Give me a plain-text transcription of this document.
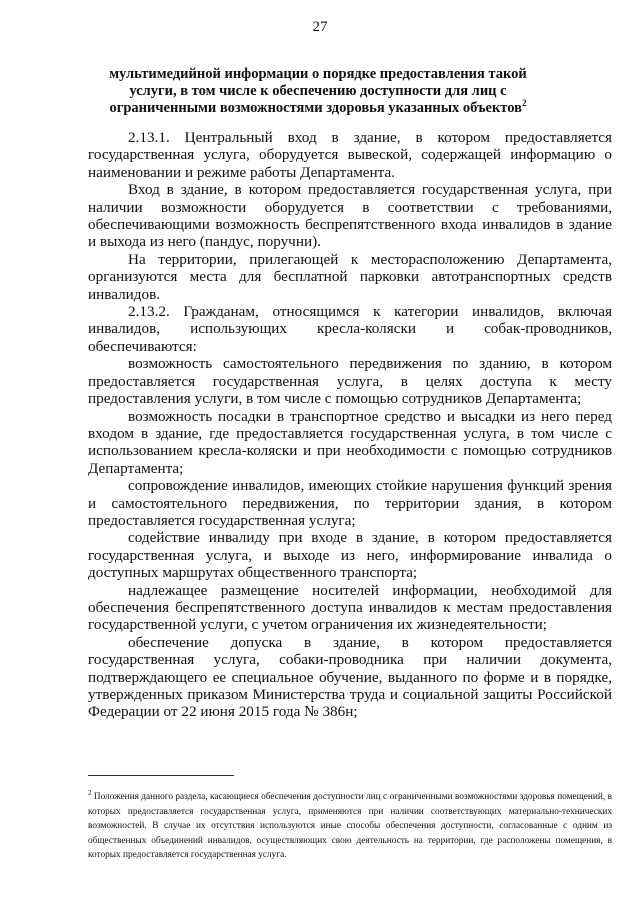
27
мультимедийной информации о порядке предоставления такой услуги, в том числе к обеспечению доступности для лиц с ограниченными возможностями здоровья указанных объектов$^2$

2.13.1. Центральный вход в здание, в котором предоставляется государственная услуга, оборудуется вывеской, содержащей информацию о наименовании и режиме работы Департамента.

Вход в здание, в котором предоставляется государственная услуга, при наличии возможности оборудуется в соответствии с требованиями, обеспечивающими возможность беспрепятственного входа инвалидов в здание и выхода из него (пандус, поручни).

На территории, прилегающей к месторасположению Департамента, организуются места для бесплатной парковки автотранспортных средств инвалидов.

2.13.2. Гражданам, относящимся к категории инвалидов, включая инвалидов, использующих кресла-коляски и собак-проводников, обеспечиваются:

возможность самостоятельного передвижения по зданию, в котором предоставляется государственная услуга, в целях доступа к месту предоставления услуги, в том числе с помощью сотрудников Департамента;

возможность посадки в транспортное средство и высадки из него перед входом в здание, где предоставляется государственная услуга, в том числе с использованием кресла-коляски и при необходимости с помощью сотрудников Департамента;

сопровождение инвалидов, имеющих стойкие нарушения функций зрения и самостоятельного передвижения, по территории здания, в котором предоставляется государственная услуга;

содействие инвалиду при входе в здание, в котором предоставляется государственная услуга, и выходе из него, информирование инвалида о доступных маршрутах общественного транспорта;

надлежащее размещение носителей информации, необходимой для обеспечения беспрепятственного доступа инвалидов к местам предоставления государственной услуги, с учетом ограничения их жизнедеятельности;

обеспечение допуска в здание, в котором предоставляется государственная услуга, собаки-проводника при наличии документа, подтверждающего ее специальное обучение, выданного по форме и в порядке, утвержденных приказом Министерства труда и социальной защиты Российской Федерации от 22 июня 2015 года № 386н;

$^2$ Положения данного раздела, касающиеся обеспечения доступности лиц с ограниченными возможностями здоровья помещений, в которых предоставляется государственная услуга, применяются при наличии соответствующих материально-технических возможностей. В случае их отсутствия используются иные способы обеспечения доступности, согласованные с одним из общественных объединений инвалидов, осуществляющих свою деятельность на территории, где расположены помещения, в которых предоставляется государственная услуга.
